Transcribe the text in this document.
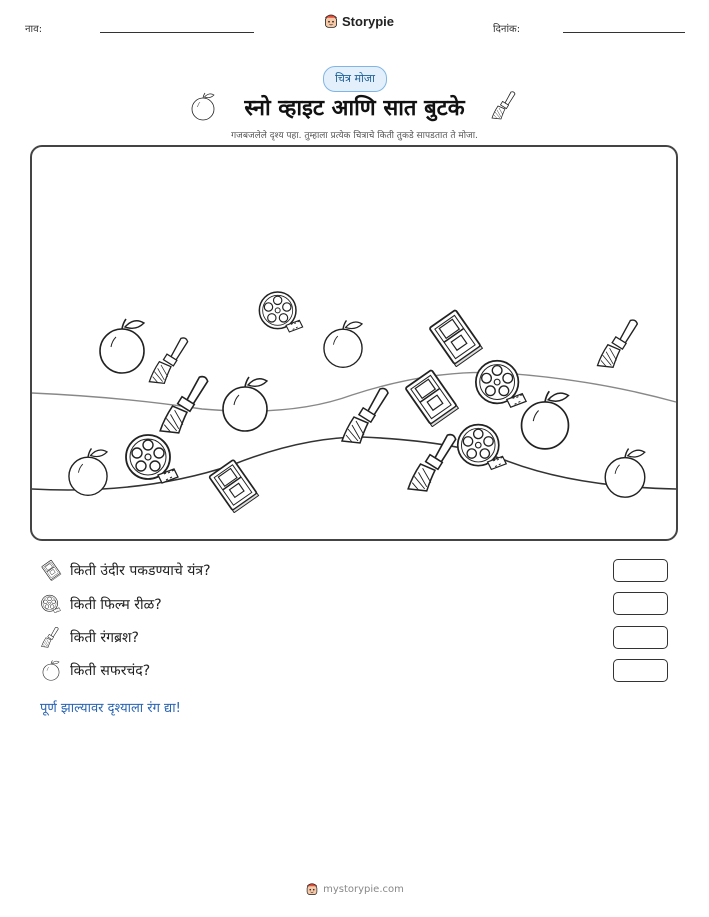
नाव:
Storypie
दिनांक:
चित्र मोजा
स्नो व्हाइट आणि सात बुटके
गजबजलेले दृश्य पहा. तुम्हाला प्रत्येक चित्राचे किती तुकडे सापडतात ते मोजा.
किती उंदीर पकडण्याचे यंत्र?
किती फिल्म रीळ?
किती रंगब्रश?
किती सफरचंद?
पूर्ण झाल्यावर दृश्याला रंग द्या!
mystorypie.com
